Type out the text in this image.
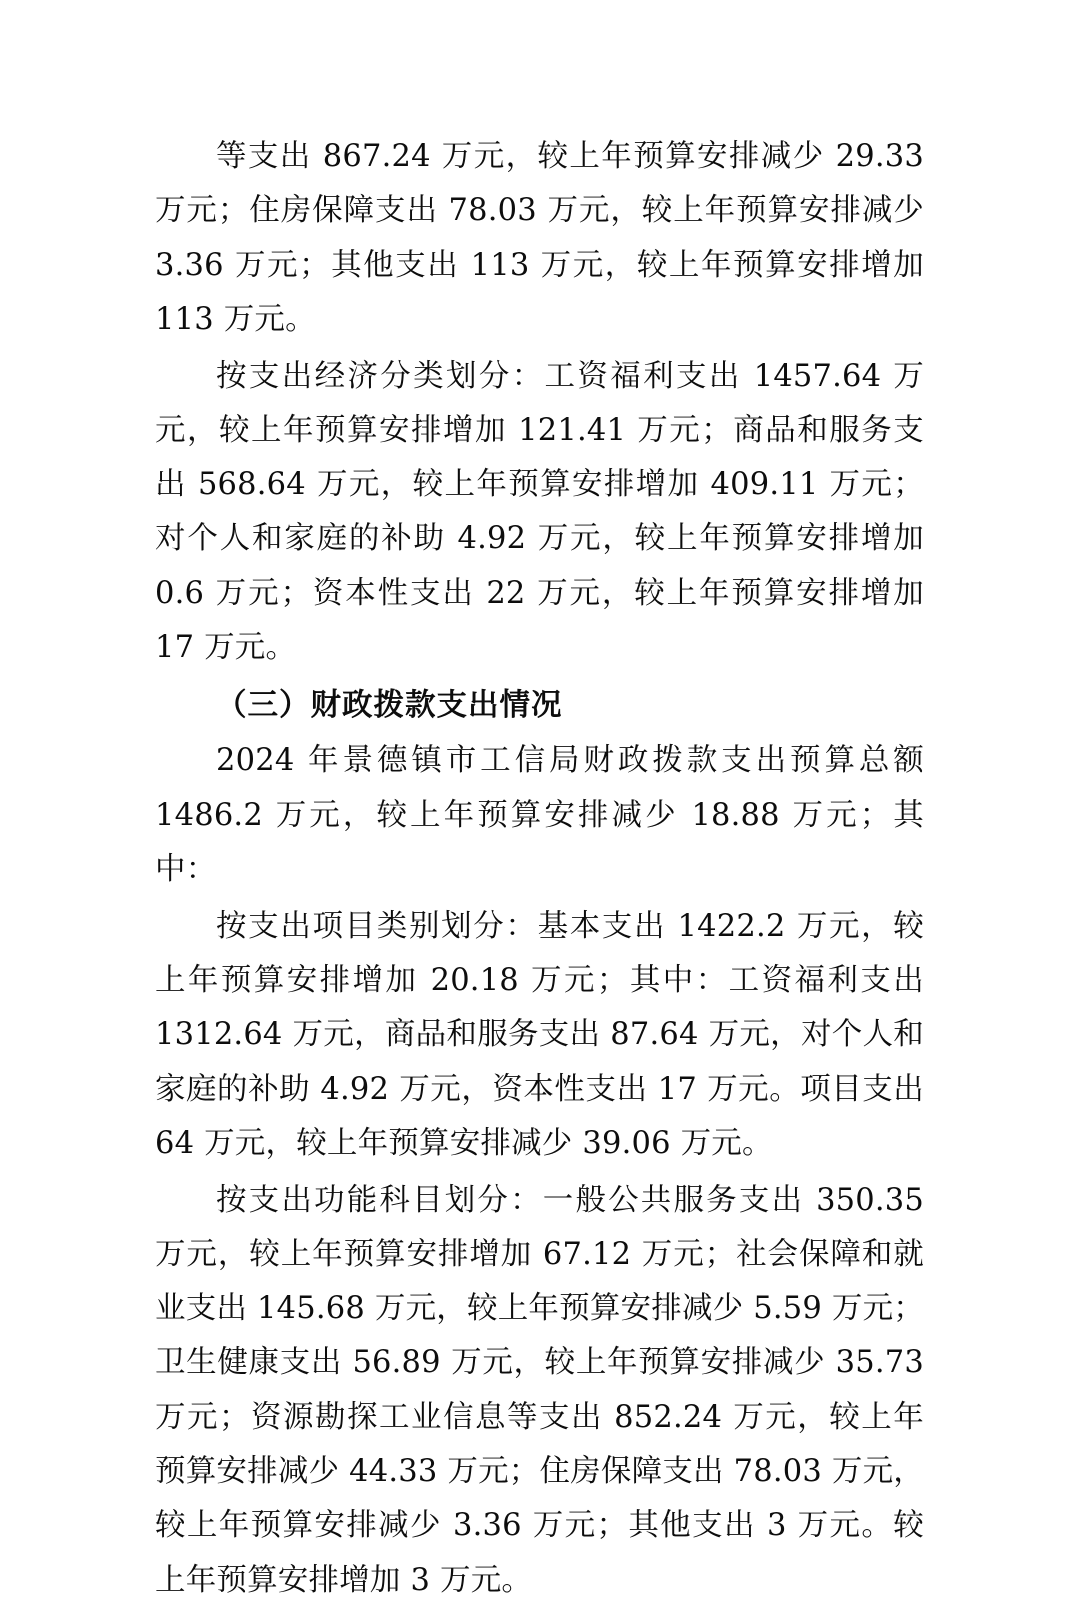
等支出 867.24 万元，较上年预算安排减少 29.33 万元；住房保障支出 78.03 万元，较上年预算安排减少 3.36 万元；其他支出 113 万元，较上年预算安排增加 113 万元。

按支出经济分类划分：工资福利支出 1457.64 万元，较上年预算安排增加 121.41 万元；商品和服务支出 568.64 万元，较上年预算安排增加 409.11 万元；对个人和家庭的补助 4.92 万元，较上年预算安排增加 0.6 万元；资本性支出 22 万元，较上年预算安排增加 17 万元。

（三）财政拨款支出情况

2024 年景德镇市工信局财政拨款支出预算总额 1486.2 万元，较上年预算安排减少 18.88 万元；其中：

按支出项目类别划分：基本支出 1422.2 万元，较上年预算安排增加 20.18 万元；其中：工资福利支出 1312.64 万元，商品和服务支出 87.64 万元，对个人和家庭的补助 4.92 万元，资本性支出 17 万元。项目支出 64 万元，较上年预算安排减少 39.06 万元。

按支出功能科目划分：一般公共服务支出 350.35 万元，较上年预算安排增加 67.12 万元；社会保障和就业支出 145.68 万元，较上年预算安排减少 5.59 万元；卫生健康支出 56.89 万元，较上年预算安排减少 35.73 万元；资源勘探工业信息等支出 852.24 万元，较上年预算安排减少 44.33 万元；住房保障支出 78.03 万元，较上年预算安排减少 3.36 万元；其他支出 3 万元。较上年预算安排增加 3 万元。
